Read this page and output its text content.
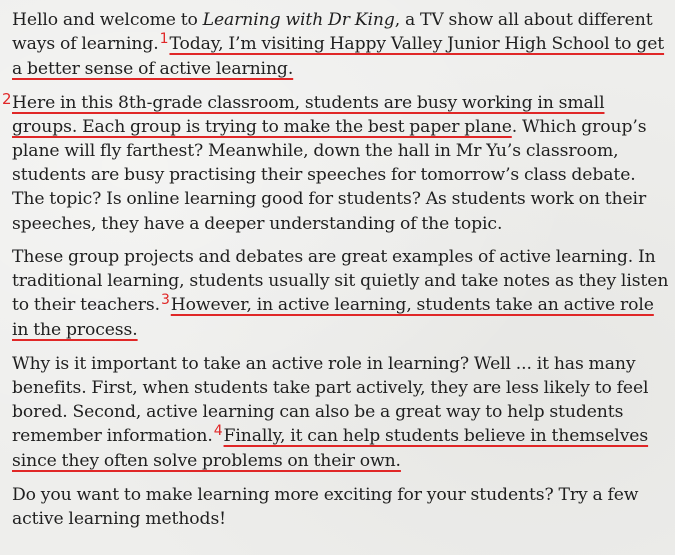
Hello and welcome to Learning with Dr King, a TV show all about different ways of learning.$^1$Today, I’m visiting Happy Valley Junior High School to get a better sense of active learning.

2 Here in this 8th-grade classroom, students are busy working in small groups. Each group is trying to make the best paper plane. Which group’s plane will fly farthest? Meanwhile, down the hall in Mr Yu’s classroom, students are busy practising their speeches for tomorrow’s class debate. The topic? Is online learning good for students? As students work on their speeches, they have a deeper understanding of the topic.

These group projects and debates are great examples of active learning. In traditional learning, students usually sit quietly and take notes as they listen to their teachers.$^3$However, in active learning, students take an active role in the process.

Why is it important to take an active role in learning? Well ... it has many benefits. First, when students take part actively, they are less likely to feel bored. Second, active learning can also be a great way to help students remember information.$^4$Finally, it can help students believe in themselves since they often solve problems on their own.

Do you want to make learning more exciting for your students? Try a few active learning methods!
